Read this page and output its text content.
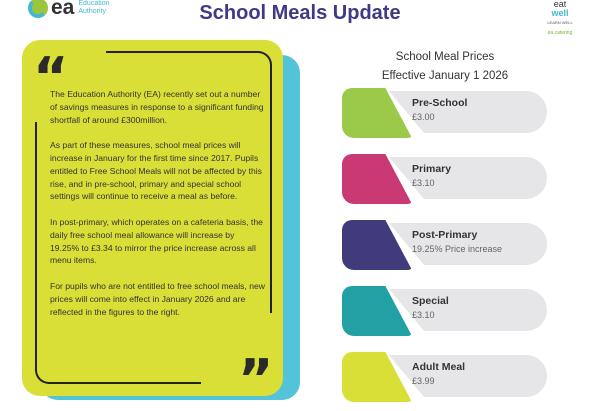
ea Education Authority	School Meals Update	eat
well
LEARN WELL
ea catering
“
”

The Education Authority (EA) recently set out a number of savings measures in response to a significant funding shortfall of around £300million.

As part of these measures, school meal prices will increase in January for the first time since 2017. Pupils entitled to Free School Meals will not be affected by this rise, and in pre-school, primary and special school settings will continue to receive a meal as before.

In post-primary, which operates on a cafeteria basis, the daily free school meal allowance will increase by 19.25% to £3.34 to mirror the price increase across all menu items.

For pupils who are not entitled to free school meals, new prices will come into effect in January 2026 and are reflected in the figures to the right.

School Meal Prices
Effective January 1 2026
Pre-School
£3.00
Primary
£3.10
Post-Primary
19.25% Price increase
Special
£3.10
Adult Meal
£3.99
